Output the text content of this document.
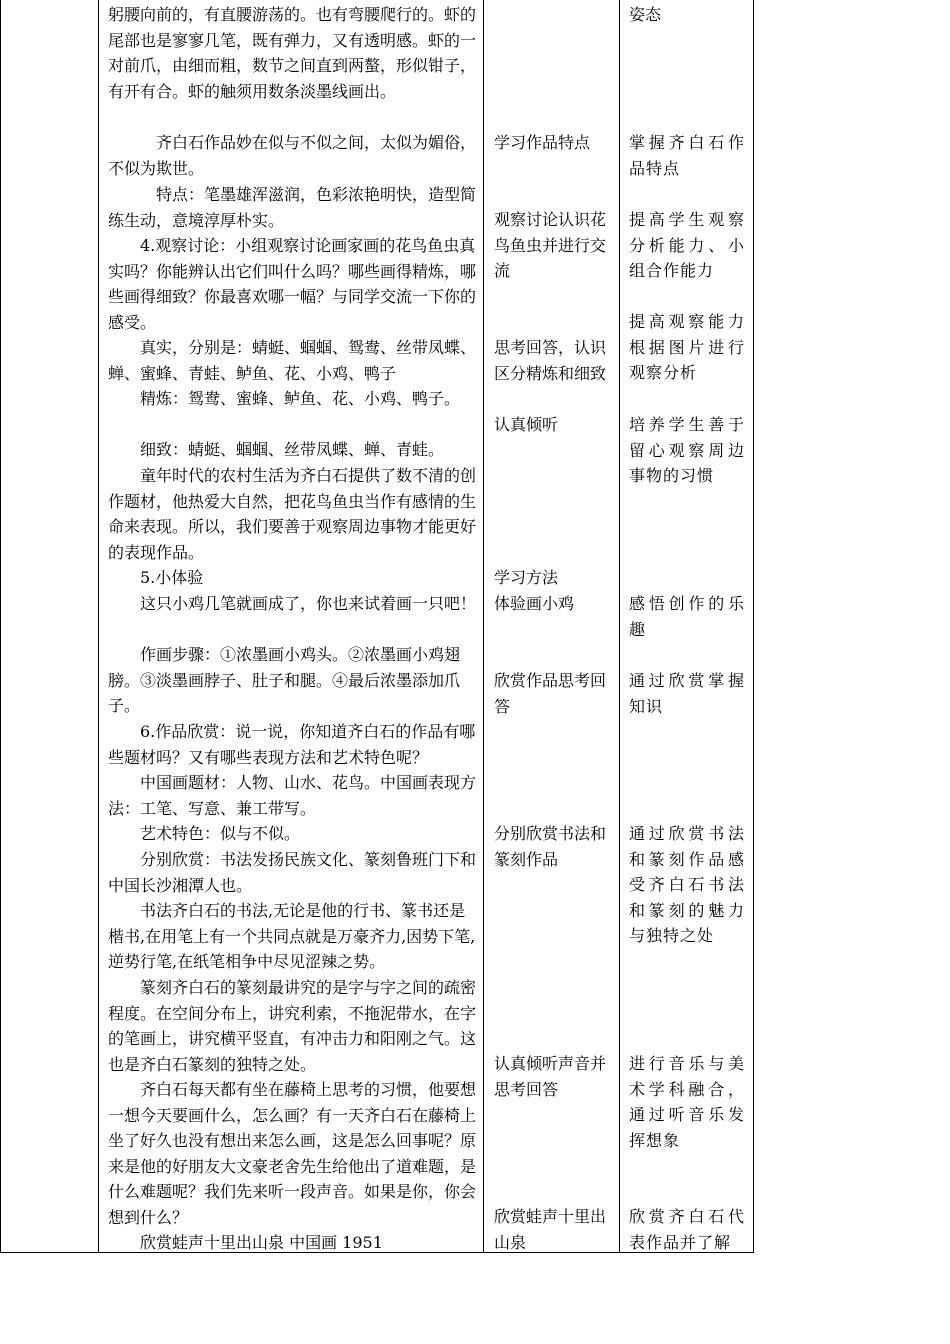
躬腰向前的，有直腰游荡的。也有弯腰爬行的。虾的尾部也是寥寥几笔，既有弹力，又有透明感。虾的一对前爪，由细而粗，数节之间直到两螯，形似钳子，有开有合。虾的触须用数条淡墨线画出。

齐白石作品妙在似与不似之间，太似为媚俗，不似为欺世。

特点：笔墨雄浑滋润，色彩浓艳明快，造型简练生动，意境淳厚朴实。

4.观察讨论：小组观察讨论画家画的花鸟鱼虫真实吗？你能辨认出它们叫什么吗？哪些画得精炼，哪些画得细致？你最喜欢哪一幅？与同学交流一下你的感受。

真实，分别是：蜻蜓、蝈蝈、鸳鸯、丝带凤蝶、蝉、蜜蜂、青蛙、鲈鱼、花、小鸡、鸭子

精炼：鸳鸯、蜜蜂、鲈鱼、花、小鸡、鸭子。

细致：蜻蜓、蝈蝈、丝带凤蝶、蝉、青蛙。

童年时代的农村生活为齐白石提供了数不清的创作题材，他热爱大自然，把花鸟鱼虫当作有感情的生命来表现。所以，我们要善于观察周边事物才能更好的表现作品。

5.小体验

这只小鸡几笔就画成了，你也来试着画一只吧！

作画步骤：①浓墨画小鸡头。②浓墨画小鸡翅膀。③淡墨画脖子、肚子和腿。④最后浓墨添加爪子。

6.作品欣赏：说一说，你知道齐白石的作品有哪些题材吗？又有哪些表现方法和艺术特色呢？

中国画题材：人物、山水、花鸟。中国画表现方法：工笔、写意、兼工带写。

艺术特色：似与不似。

分别欣赏：书法发扬民族文化、篆刻鲁班门下和中国长沙湘潭人也。

书法齐白石的书法,无论是他的行书、篆书还是楷书,在用笔上有一个共同点就是万豪齐力,因势下笔,逆势行笔,在纸笔相争中尽见涩辣之势。

篆刻齐白石的篆刻最讲究的是字与字之间的疏密程度。在空间分布上，讲究利索，不拖泥带水，在字的笔画上，讲究横平竖直，有冲击力和阳刚之气。这也是齐白石篆刻的独特之处。

齐白石每天都有坐在藤椅上思考的习惯，他要想一想今天要画什么，怎么画？有一天齐白石在藤椅上坐了好久也没有想出来怎么画，这是怎么回事呢？原来是他的好朋友大文豪老舍先生给他出了道难题，是什么难题呢？我们先来听一段声音。如果是你，你会想到什么？

欣赏蛙声十里出山泉 中国画 1951

学习作品特点

观察讨论认识花鸟鱼虫并进行交流

思考回答，认识区分精炼和细致

认真倾听

学习方法

体验画小鸡

欣赏作品思考回答

分别欣赏书法和篆刻作品

认真倾听声音并思考回答

欣赏蛙声十里出山泉

姿态

掌握齐白石作品特点

提高学生观察分析能力、小组合作能力

提高观察能力根据图片进行观察分析

培养学生善于留心观察周边事物的习惯

感悟创作的乐趣

通过欣赏掌握知识

通过欣赏书法和篆刻作品感受齐白石书法和篆刻的魅力与独特之处

进行音乐与美术学科融合，通过听音乐发挥想象

欣赏齐白石代表作品并了解
